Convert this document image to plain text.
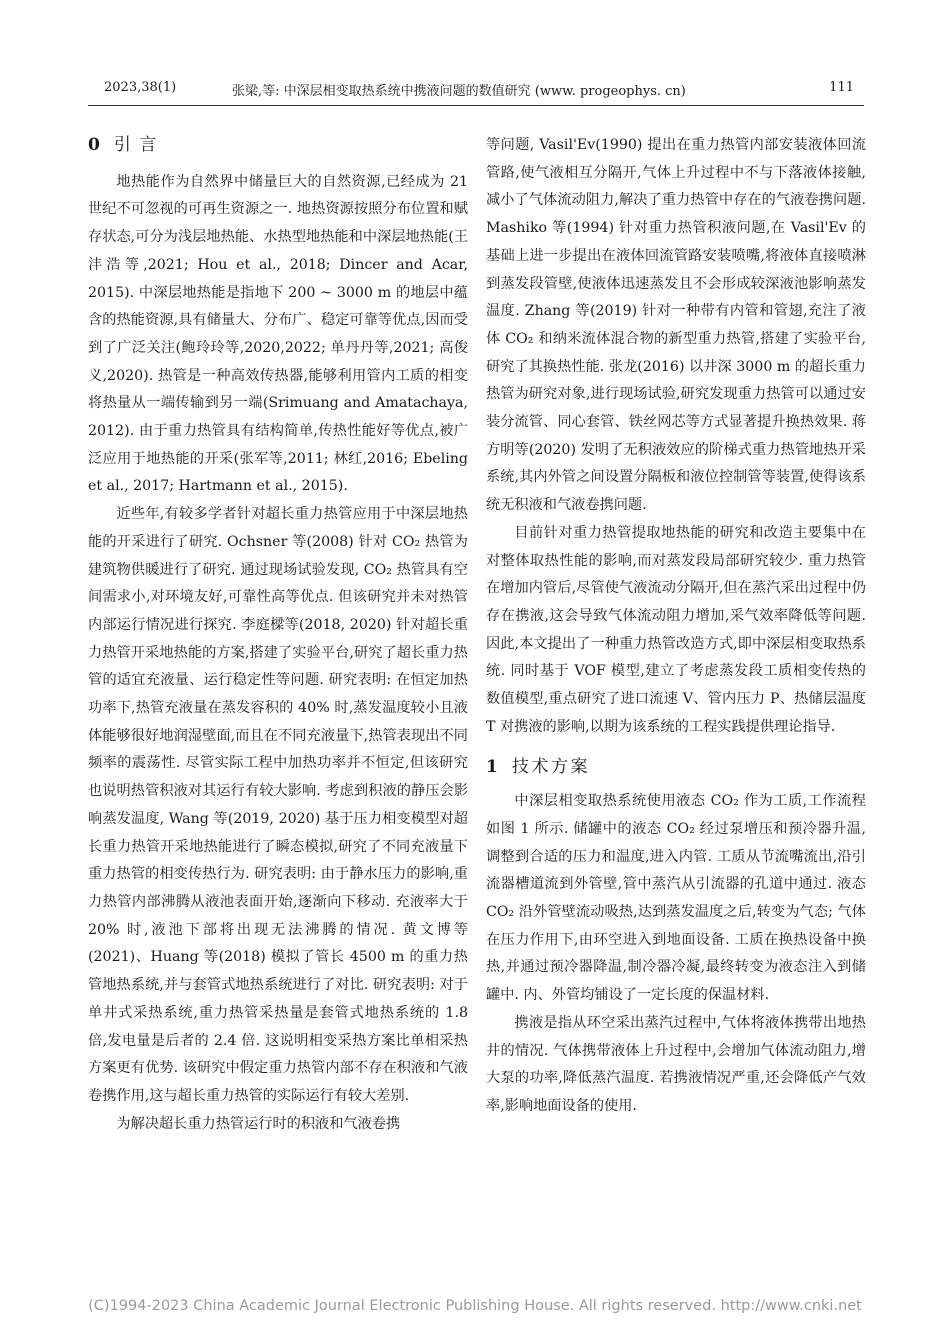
2023,38(1)	张梁,等: 中深层相变取热系统中携液问题的数值研究 (www. progeophys. cn)	111
0 引言

地热能作为自然界中储量巨大的自然资源,已经成为 21 世纪不可忽视的可再生资源之一. 地热资源按照分布位置和赋存状态,可分为浅层地热能、水热型地热能和中深层地热能(王沣浩等,2021; Hou et al., 2018; Dincer and Acar, 2015). 中深层地热能是指地下 200 ~ 3000 m 的地层中蕴含的热能资源,具有储量大、分布广、稳定可靠等优点,因而受到了广泛关注(鲍玲玲等,2020,2022; 单丹丹等,2021; 高俊义,2020). 热管是一种高效传热器,能够利用管内工质的相变将热量从一端传输到另一端(Srimuang and Amatachaya, 2012). 由于重力热管具有结构简单,传热性能好等优点,被广泛应用于地热能的开采(张军等,2011; 林红,2016; Ebeling et al., 2017; Hartmann et al., 2015).

近些年,有较多学者针对超长重力热管应用于中深层地热能的开采进行了研究. Ochsner 等(2008) 针对 CO₂ 热管为建筑物供暖进行了研究. 通过现场试验发现, CO₂ 热管具有空间需求小,对环境友好,可靠性高等优点. 但该研究并未对热管内部运行情况进行探究. 李庭樑等(2018, 2020) 针对超长重力热管开采地热能的方案,搭建了实验平台,研究了超长重力热管的适宜充液量、运行稳定性等问题. 研究表明: 在恒定加热功率下,热管充液量在蒸发容积的 40% 时,蒸发温度较小且液体能够很好地润湿壁面,而且在不同充液量下,热管表现出不同频率的震荡性. 尽管实际工程中加热功率并不恒定,但该研究也说明热管积液对其运行有较大影响. 考虑到积液的静压会影响蒸发温度, Wang 等(2019, 2020) 基于压力相变模型对超长重力热管开采地热能进行了瞬态模拟,研究了不同充液量下重力热管的相变传热行为. 研究表明: 由于静水压力的影响,重力热管内部沸腾从液池表面开始,逐渐向下移动. 充液率大于 20% 时,液池下部将出现无法沸腾的情况. 黄文博等(2021)、Huang 等(2018) 模拟了管长 4500 m 的重力热管地热系统,并与套管式地热系统进行了对比. 研究表明: 对于单井式采热系统,重力热管采热量是套管式地热系统的 1.8 倍,发电量是后者的 2.4 倍. 这说明相变采热方案比单相采热方案更有优势. 该研究中假定重力热管内部不存在积液和气液卷携作用,这与超长重力热管的实际运行有较大差别.

为解决超长重力热管运行时的积液和气液卷携

等问题, Vasil'Ev(1990) 提出在重力热管内部安装液体回流管路,使气液相互分隔开,气体上升过程中不与下落液体接触,减小了气体流动阻力,解决了重力热管中存在的气液卷携问题. Mashiko 等(1994) 针对重力热管积液问题,在 Vasil'Ev 的基础上进一步提出在液体回流管路安装喷嘴,将液体直接喷淋到蒸发段管壁,使液体迅速蒸发且不会形成较深液池影响蒸发温度. Zhang 等(2019) 针对一种带有内管和管翅,充注了液体 CO₂ 和纳米流体混合物的新型重力热管,搭建了实验平台,研究了其换热性能. 张龙(2016) 以井深 3000 m 的超长重力热管为研究对象,进行现场试验,研究发现重力热管可以通过安装分流管、同心套管、铁丝网芯等方式显著提升换热效果. 蒋方明等(2020) 发明了无积液效应的阶梯式重力热管地热开采系统,其内外管之间设置分隔板和液位控制管等装置,使得该系统无积液和气液卷携问题.

目前针对重力热管提取地热能的研究和改造主要集中在对整体取热性能的影响,而对蒸发段局部研究较少. 重力热管在增加内管后,尽管使气液流动分隔开,但在蒸汽采出过程中仍存在携液,这会导致气体流动阻力增加,采气效率降低等问题. 因此,本文提出了一种重力热管改造方式,即中深层相变取热系统. 同时基于 VOF 模型,建立了考虑蒸发段工质相变传热的数值模型,重点研究了进口流速 V、管内压力 P、热储层温度 T 对携液的影响,以期为该系统的工程实践提供理论指导.

1 技术方案

中深层相变取热系统使用液态 CO₂ 作为工质,工作流程如图 1 所示. 储罐中的液态 CO₂ 经过泵增压和预冷器升温,调整到合适的压力和温度,进入内管. 工质从节流嘴流出,沿引流器槽道流到外管壁,管中蒸汽从引流器的孔道中通过. 液态 CO₂ 沿外管壁流动吸热,达到蒸发温度之后,转变为气态; 气体在压力作用下,由环空进入到地面设备. 工质在换热设备中换热,并通过预冷器降温,制冷器冷凝,最终转变为液态注入到储罐中. 内、外管均铺设了一定长度的保温材料.

携液是指从环空采出蒸汽过程中,气体将液体携带出地热井的情况. 气体携带液体上升过程中,会增加气体流动阻力,增大泵的功率,降低蒸汽温度. 若携液情况严重,还会降低产气效率,影响地面设备的使用.

(C)1994-2023 China Academic Journal Electronic Publishing House. All rights reserved. http://www.cnki.net
